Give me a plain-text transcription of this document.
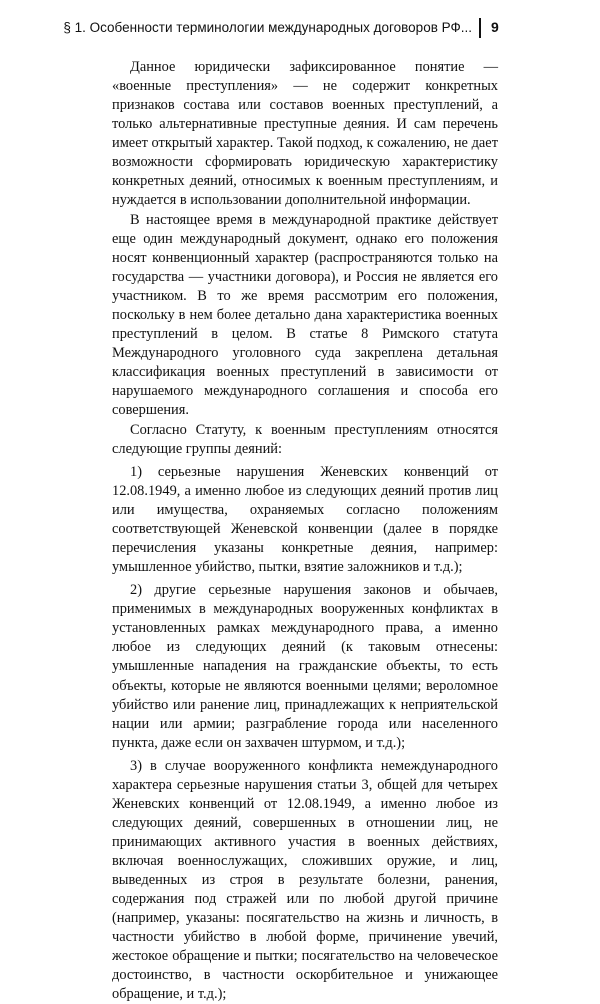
§ 1. Особенности терминологии международных договоров РФ... 9

Данное юридически зафиксированное понятие — «военные преступления» — не содержит конкретных признаков состава или составов военных преступлений, а только альтернативные преступные деяния. И сам перечень имеет открытый характер. Такой подход, к сожалению, не дает возможности сформировать юридическую характеристику конкретных деяний, относимых к военным преступлениям, и нуждается в использовании дополнительной информации.

В настоящее время в международной практике действует еще один международный документ, однако его положения носят конвенционный характер (распространяются только на государства — участники договора), и Россия не является его участником. В то же время рассмотрим его положения, поскольку в нем более детально дана характеристика военных преступлений в целом. В статье 8 Римского статута Международного уголовного суда закреплена детальная классификация военных преступлений в зависимости от нарушаемого международного соглашения и способа его совершения.

Согласно Статуту, к военным преступлениям относятся следующие группы деяний:

1) серьезные нарушения Женевских конвенций от 12.08.1949, а именно любое из следующих деяний против лиц или имущества, охраняемых согласно положениям соответствующей Женевской конвенции (далее в порядке перечисления указаны конкретные деяния, например: умышленное убийство, пытки, взятие заложников и т.д.);

2) другие серьезные нарушения законов и обычаев, применимых в международных вооруженных конфликтах в установленных рамках международного права, а именно любое из следующих деяний (к таковым отнесены: умышленные нападения на гражданские объекты, то есть объекты, которые не являются военными целями; вероломное убийство или ранение лиц, принадлежащих к неприятельской нации или армии; разграбление города или населенного пункта, даже если он захвачен штурмом, и т.д.);

3) в случае вооруженного конфликта немеждународного характера серьезные нарушения статьи 3, общей для четырех Женевских конвенций от 12.08.1949, а именно любое из следующих деяний, совершенных в отношении лиц, не принимающих активного участия в военных действиях, включая военнослужащих, сложивших оружие, и лиц, выведенных из строя в результате болезни, ранения, содержания под стражей или по любой другой причине (например, указаны: посягательство на жизнь и личность, в частности убийство в любой форме, причинение увечий, жестокое обращение и пытки; посягательство на человеческое достоинство, в частности оскорбительное и унижающее обращение, и т.д.);
